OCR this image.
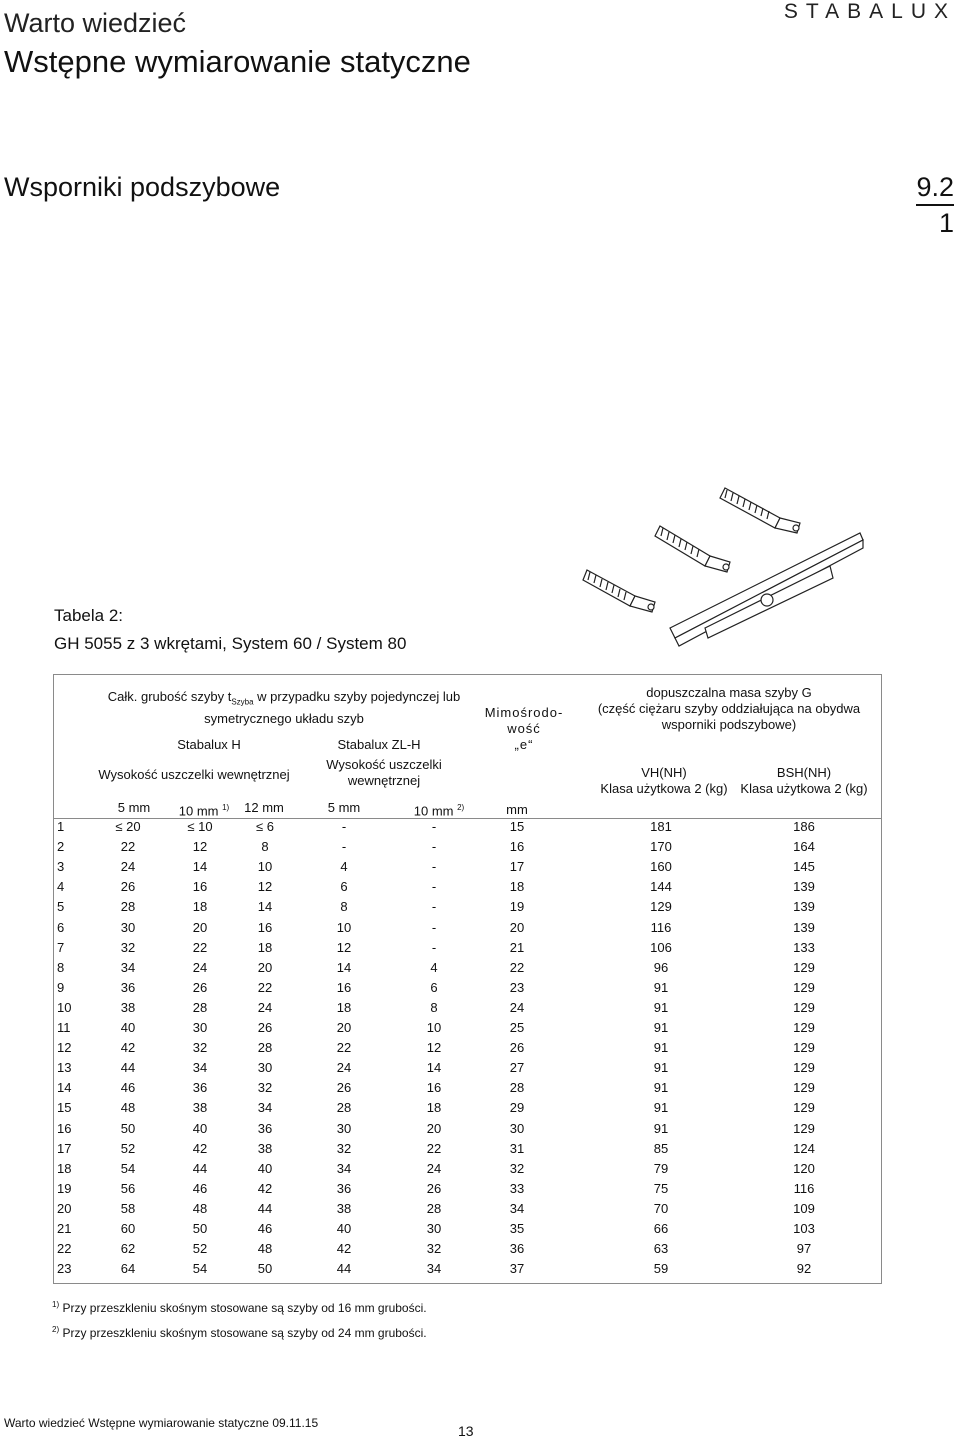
Warto wiedzieć
Wstępne wymiarowanie statyczne
STABALUX
Wsporniki podszybowe	9.2
1
Tabela 2:
GH 5055 z 3 wkrętami, System 60 / System 80
Całk. grubość szyby $t_{Szyba}$ w przypadku szyby pojedynczej lub
symetrycznego układu szyb
Stabalux H	Stabalux ZL-H
Wysokość uszczelki wewnętrznej
Wysokość uszczelki
wewnętrznej
Mimośrodo-
wość
„e“
dopuszczalna masa szyby G
(część ciężaru szyby oddziałująca na obydwa
wsporniki podszybowe)
VH(NH)
Klasa użytkowa 2 (kg)
BSH(NH)
Klasa użytkowa 2 (kg)
5 mm	10 mm $^{1)}$	12 mm	5 mm	10 mm $^{2)}$	mm
1	≤ 20	≤ 10	≤ 6	-	-	15	181	186
2	22	12	8	-	-	16	170	164
3	24	14	10	4	-	17	160	145
4	26	16	12	6	-	18	144	139
5	28	18	14	8	-	19	129	139
6	30	20	16	10	-	20	116	139
7	32	22	18	12	-	21	106	133
8	34	24	20	14	4	22	96	129
9	36	26	22	16	6	23	91	129
10	38	28	24	18	8	24	91	129
11	40	30	26	20	10	25	91	129
12	42	32	28	22	12	26	91	129
13	44	34	30	24	14	27	91	129
14	46	36	32	26	16	28	91	129
15	48	38	34	28	18	29	91	129
16	50	40	36	30	20	30	91	129
17	52	42	38	32	22	31	85	124
18	54	44	40	34	24	32	79	120
19	56	46	42	36	26	33	75	116
20	58	48	44	38	28	34	70	109
21	60	50	46	40	30	35	66	103
22	62	52	48	42	32	36	63	97
23	64	54	50	44	34	37	59	92
$^{1)}$ Przy przeszkleniu skośnym stosowane są szyby od 16 mm grubości.
$^{2)}$ Przy przeszkleniu skośnym stosowane są szyby od 24 mm grubości.
Warto wiedzieć Wstępne wymiarowanie statyczne 09.11.15	13
